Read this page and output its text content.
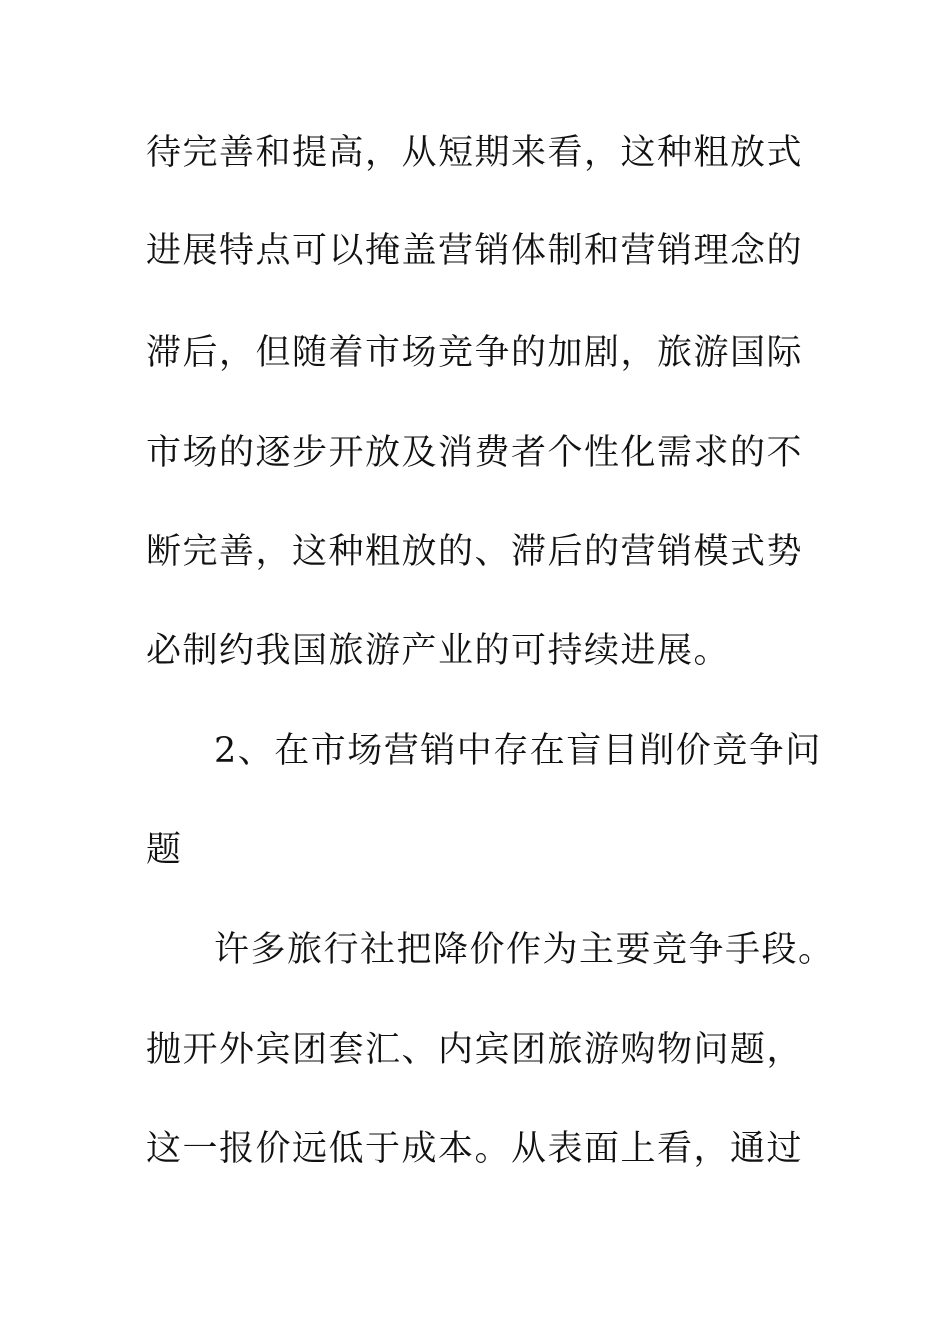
待完善和提高，从短期来看，这种粗放式
进展特点可以掩盖营销体制和营销理念的
滞后，但随着市场竞争的加剧，旅游国际
市场的逐步开放及消费者个性化需求的不
断完善，这种粗放的、滞后的营销模式势
必制约我国旅游产业的可持续进展。
2、在市场营销中存在盲目削价竞争问
题
许多旅行社把降价作为主要竞争手段。
抛开外宾团套汇、内宾团旅游购物问题，
这一报价远低于成本。从表面上看，通过
